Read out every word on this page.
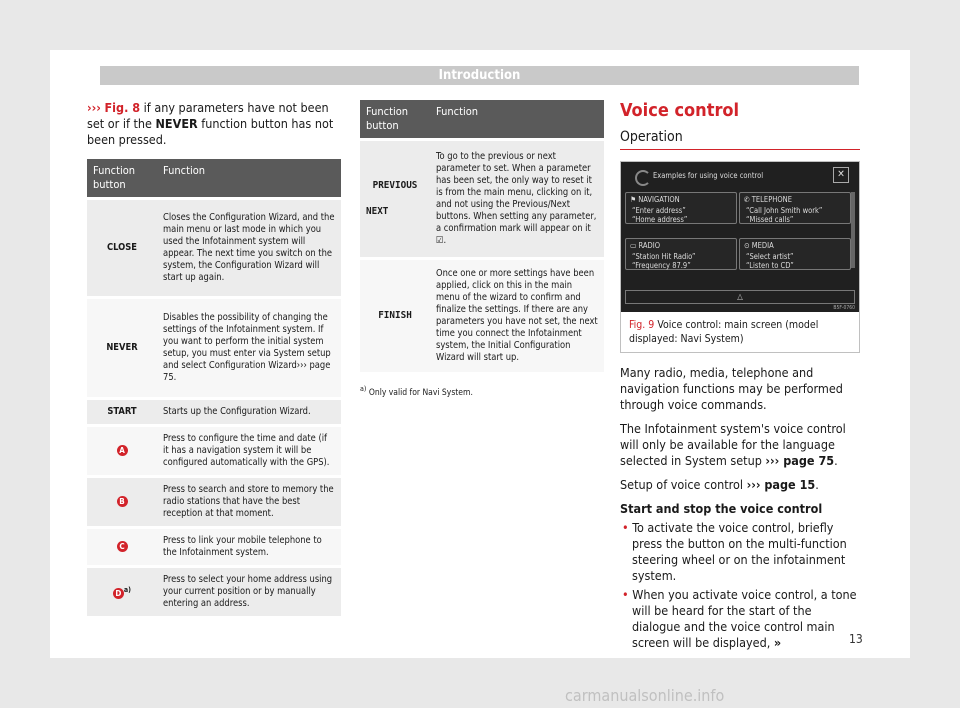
Introduction
››› Fig. 8 if any parameters have not been set or if the NEVER function button has not been pressed.
Function button	Function
CLOSE	Closes the Configuration Wizard, and the main menu or last mode in which you used the Infotainment system will appear. The next time you switch on the system, the Configuration Wizard will start up again.
NEVER	Disables the possibility of changing the settings of the Infotainment system. If you want to perform the initial system setup, you must enter via System setup and select Configuration Wizard››› page 75.
START	Starts up the Configuration Wizard.
A	Press to configure the time and date (if it has a navigation system it will be configured automatically with the GPS).
B	Press to search and store to memory the radio stations that have the best reception at that moment.
C	Press to link your mobile telephone to the Infotainment system.
D $^{a)}$	Press to select your home address using your current position or by manually entering an address.
Function button	Function

PREVIOUS
NEXT	To go to the previous or next parameter to set. When a parameter has been set, the only way to reset it is from the main menu, clicking on it, and not using the Previous/Next buttons. When setting any parameter, a confirmation mark will appear on it ☑.
FINISH	Once one or more settings have been applied, click on this in the main menu of the wizard to confirm and finalize the settings. If there are any parameters you have not set, the next time you connect the Infotainment system, the Initial Configuration Wizard will start up.
$^{a)}$ Only valid for Navi System.
Voice control
Operation
Examples for using voice control	✕
⚑ NAVIGATION
“Enter address”
“Home address”
✆ TELEPHONE
“Call John Smith work”
“Missed calls”
▭ RADIO
“Station Hit Radio”
“Frequency 87.9”
⊙ MEDIA
“Select artist”
“Listen to CD”
△
B5F-0760
Fig. 9 Voice control: main screen (model displayed: Navi System)

Many radio, media, telephone and navigation functions may be performed through voice commands.

The Infotainment system's voice control will only be available for the language selected in System setup ››› page 75.

Setup of voice control ››› page 15.

Start and stop the voice control

• To activate the voice control, briefly press the button on the multi-function steering wheel or on the infotainment system.

• When you activate voice control, a tone will be heard for the start of the dialogue and the voice control main screen will be displayed, »	13
carmanualsonline.info
